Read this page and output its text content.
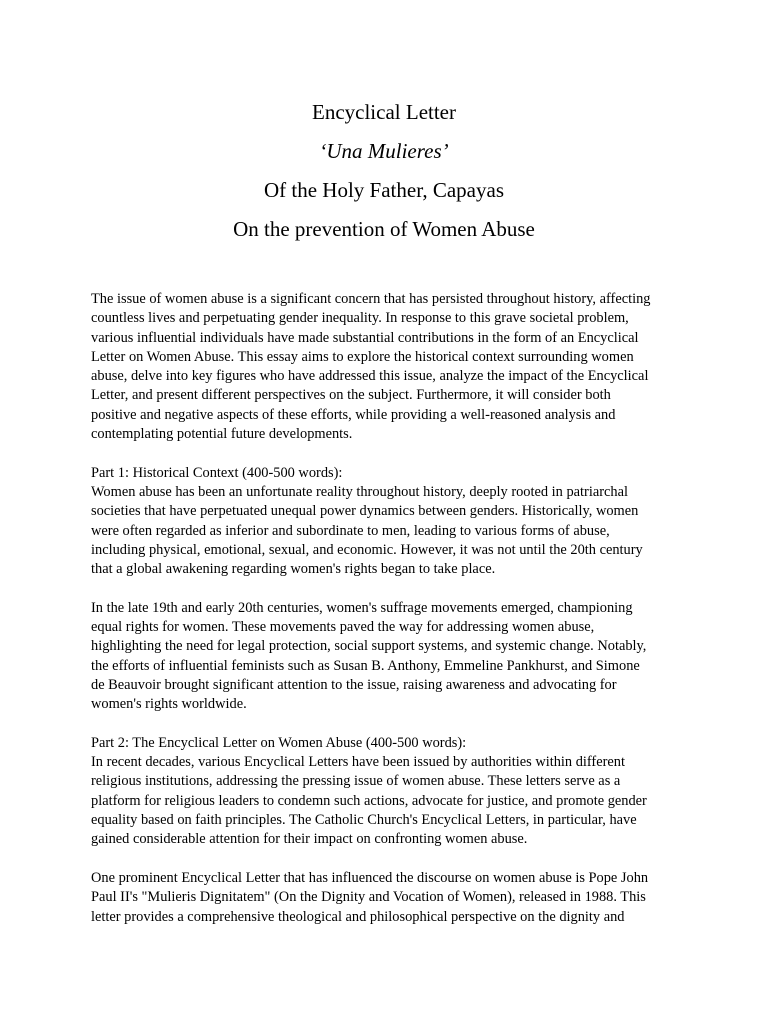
Encyclical Letter
‘Una Mulieres’
Of the Holy Father, Capayas
On the prevention of Women Abuse

The issue of women abuse is a significant concern that has persisted throughout history, affecting
countless lives and perpetuating gender inequality. In response to this grave societal problem,
various influential individuals have made substantial contributions in the form of an Encyclical
Letter on Women Abuse. This essay aims to explore the historical context surrounding women
abuse, delve into key figures who have addressed this issue, analyze the impact of the Encyclical
Letter, and present different perspectives on the subject. Furthermore, it will consider both
positive and negative aspects of these efforts, while providing a well-reasoned analysis and
contemplating potential future developments.

Part 1: Historical Context (400-500 words):
Women abuse has been an unfortunate reality throughout history, deeply rooted in patriarchal
societies that have perpetuated unequal power dynamics between genders. Historically, women
were often regarded as inferior and subordinate to men, leading to various forms of abuse,
including physical, emotional, sexual, and economic. However, it was not until the 20th century
that a global awakening regarding women's rights began to take place.

In the late 19th and early 20th centuries, women's suffrage movements emerged, championing
equal rights for women. These movements paved the way for addressing women abuse,
highlighting the need for legal protection, social support systems, and systemic change. Notably,
the efforts of influential feminists such as Susan B. Anthony, Emmeline Pankhurst, and Simone
de Beauvoir brought significant attention to the issue, raising awareness and advocating for
women's rights worldwide.

Part 2: The Encyclical Letter on Women Abuse (400-500 words):
In recent decades, various Encyclical Letters have been issued by authorities within different
religious institutions, addressing the pressing issue of women abuse. These letters serve as a
platform for religious leaders to condemn such actions, advocate for justice, and promote gender
equality based on faith principles. The Catholic Church's Encyclical Letters, in particular, have
gained considerable attention for their impact on confronting women abuse.

One prominent Encyclical Letter that has influenced the discourse on women abuse is Pope John
Paul II's "Mulieris Dignitatem" (On the Dignity and Vocation of Women), released in 1988. This
letter provides a comprehensive theological and philosophical perspective on the dignity and
